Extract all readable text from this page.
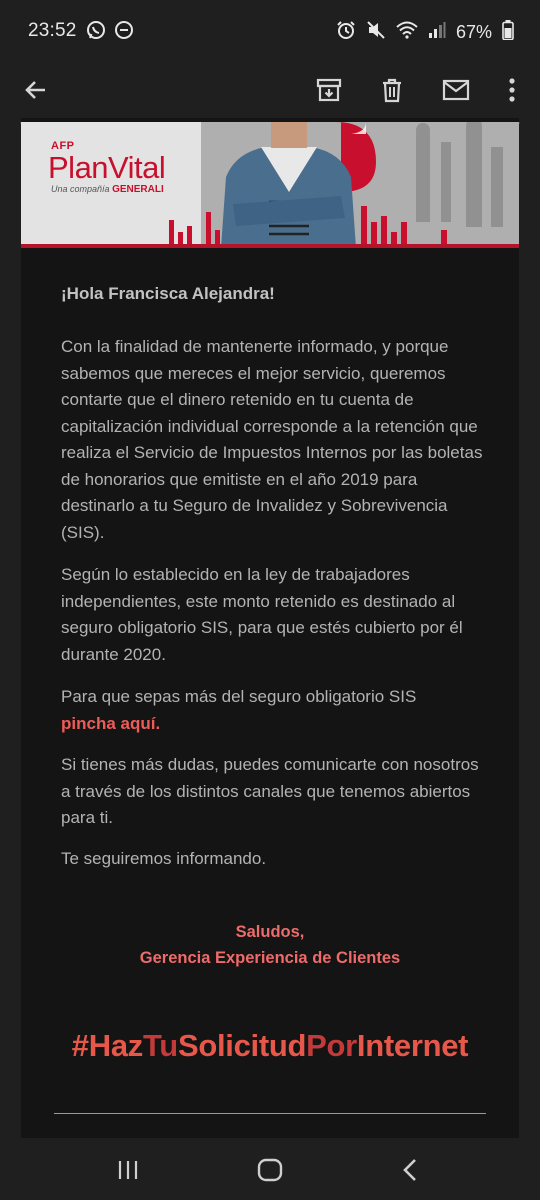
23:52	67%
AFP
PlanVital
Una compañía GENERALI
¡Hola Francisca Alejandra!

Con la finalidad de mantenerte informado, y porque sabemos que mereces el mejor servicio, queremos contarte que el dinero retenido en tu cuenta de capitalización individual corresponde a la retención que realiza el Servicio de Impuestos Internos por las boletas de honorarios que emitiste en el año 2019 para destinarlo a tu Seguro de Invalidez y Sobrevivencia (SIS).

Según lo establecido en la ley de trabajadores independientes, este monto retenido es destinado al seguro obligatorio SIS, para que estés cubierto por él durante 2020.

Para que sepas más del seguro obligatorio SIS
pincha aquí.

Si tienes más dudas, puedes comunicarte con nosotros a través de los distintos canales que tenemos abiertos para ti.

Te seguiremos informando.

Saludos,
Gerencia Experiencia de Clientes
#HazTuSolicitudPorInternet
